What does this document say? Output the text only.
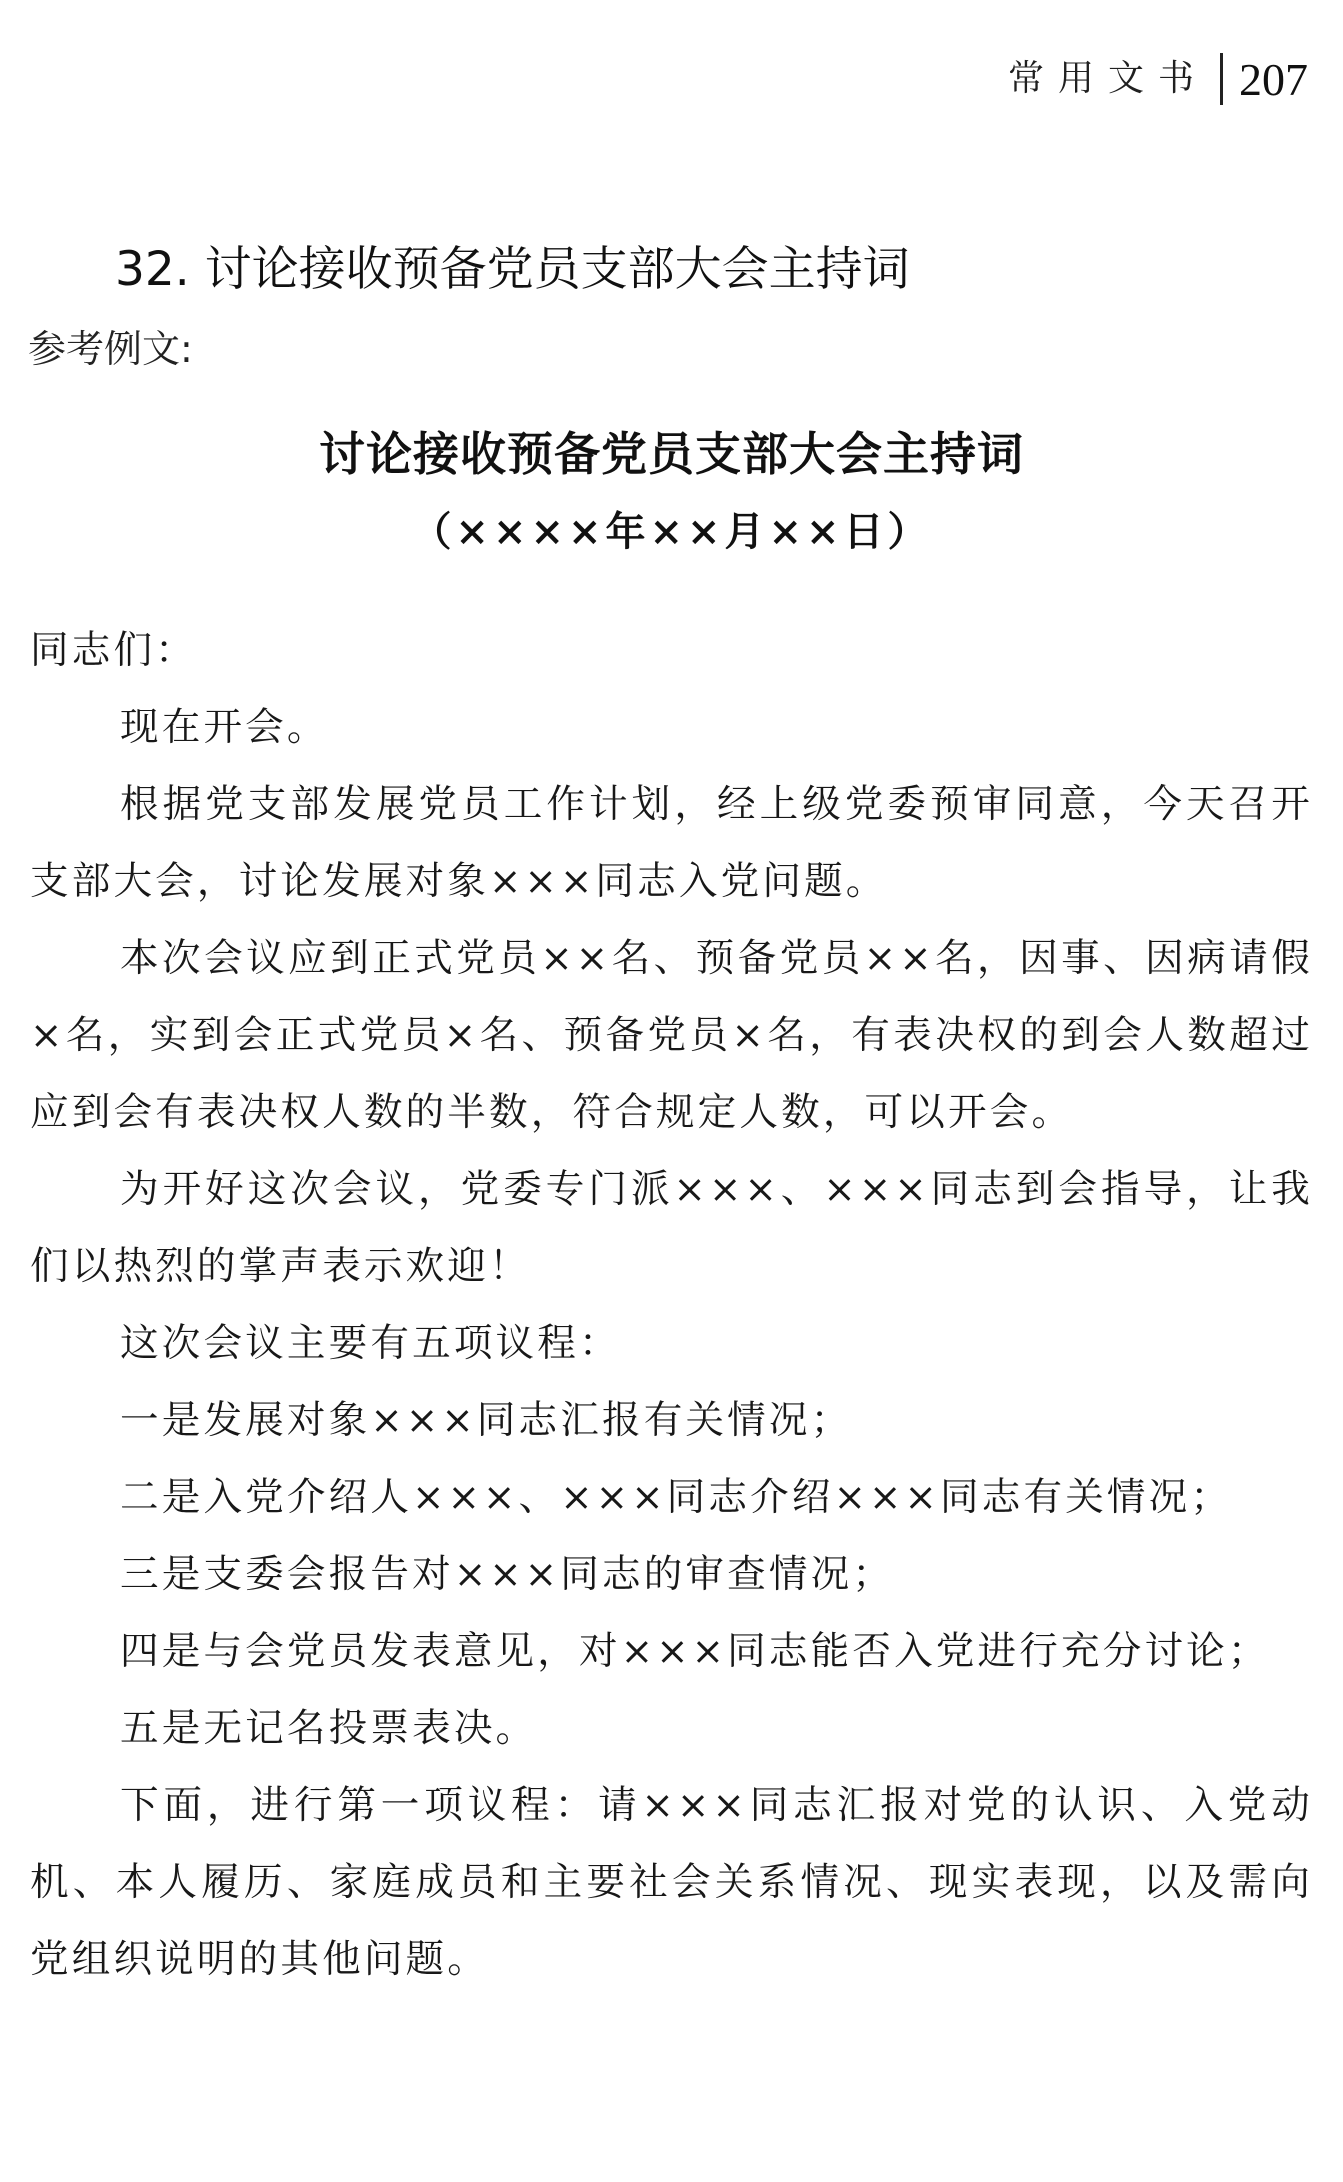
常用文书 207
32. 讨论接收预备党员支部大会主持词
参考例文:
讨论接收预备党员支部大会主持词
（××××年××月××日）

同志们：

现在开会。

根据党支部发展党员工作计划，经上级党委预审同意，今天召开支部大会，讨论发展对象×××同志入党问题。

本次会议应到正式党员××名、预备党员××名，因事、因病请假×名，实到会正式党员×名、预备党员×名，有表决权的到会人数超过应到会有表决权人数的半数，符合规定人数，可以开会。

为开好这次会议，党委专门派×××、×××同志到会指导，让我们以热烈的掌声表示欢迎！

这次会议主要有五项议程：

一是发展对象×××同志汇报有关情况；

二是入党介绍人×××、×××同志介绍×××同志有关情况；

三是支委会报告对×××同志的审查情况；

四是与会党员发表意见，对×××同志能否入党进行充分讨论；

五是无记名投票表决。

下面，进行第一项议程：请×××同志汇报对党的认识、入党动机、本人履历、家庭成员和主要社会关系情况、现实表现，以及需向党组织说明的其他问题。
